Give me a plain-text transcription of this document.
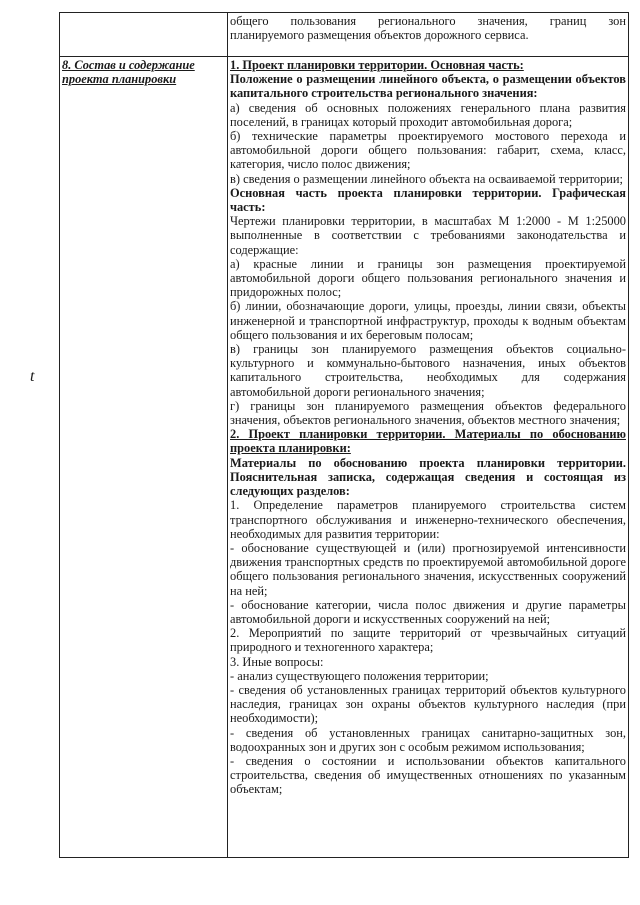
общего пользования регионального значения, границ зон

планируемого размещения объектов дорожного сервиса.

8. Состав и содержание проекта планировки

1. Проект планировки территории. Основная часть:

Положение о размещении линейного объекта, о размещении объектов капитального строительства регионального значения:

а) сведения об основных положениях генерального плана развития поселений, в границах который проходит автомобильная дорога;

б) технические параметры проектируемого мостового перехода и автомобильной дороги общего пользования: габарит, схема, класс, категория, число полос движения;

в) сведения о размещении линейного объекта на осваиваемой территории;

Основная часть проекта планировки территории. Графическая часть:

Чертежи планировки территории, в масштабах М 1:2000 - М 1:25000 выполненные в соответствии с требованиями законодательства и содержащие:

а) красные линии и границы зон размещения проектируемой автомобильной дороги общего пользования регионального значения и придорожных полос;

б) линии, обозначающие дороги, улицы, проезды, линии связи, объекты инженерной и транспортной инфраструктур, проходы к водным объектам общего пользования и их береговым полосам;

в) границы зон планируемого размещения объектов социально-культурного и коммунально-бытового назначения, иных объектов капитального строительства, необходимых для содержания автомобильной дороги регионального значения;

г) границы зон планируемого размещения объектов федерального значения, объектов регионального значения, объектов местного значения;

2. Проект планировки территории. Материалы по обоснованию проекта планировки:

Материалы по обоснованию проекта планировки территории. Пояснительная записка, содержащая сведения и состоящая из следующих разделов:

1. Определение параметров планируемого строительства систем транспортного обслуживания и инженерно-технического обеспечения, необходимых для развития территории:

- обоснование существующей и (или) прогнозируемой интенсивности движения транспортных средств по проектируемой автомобильной дороге общего пользования регионального значения, искусственных сооружений на ней;

- обоснование категории, числа полос движения и другие параметры автомобильной дороги и искусственных сооружений на ней;

2. Мероприятий по защите территорий от чрезвычайных ситуаций природного и техногенного характера;

3. Иные вопросы:

- анализ существующего положения территории;

- сведения об установленных границах территорий объектов культурного наследия, границах зон охраны объектов культурного наследия (при необходимости);

- сведения об установленных границах санитарно-защитных зон, водоохранных зон и других зон с особым режимом использования;

- сведения о состоянии и использовании объектов капитального строительства, сведения об имущественных отношениях по указанным объектам;

t
